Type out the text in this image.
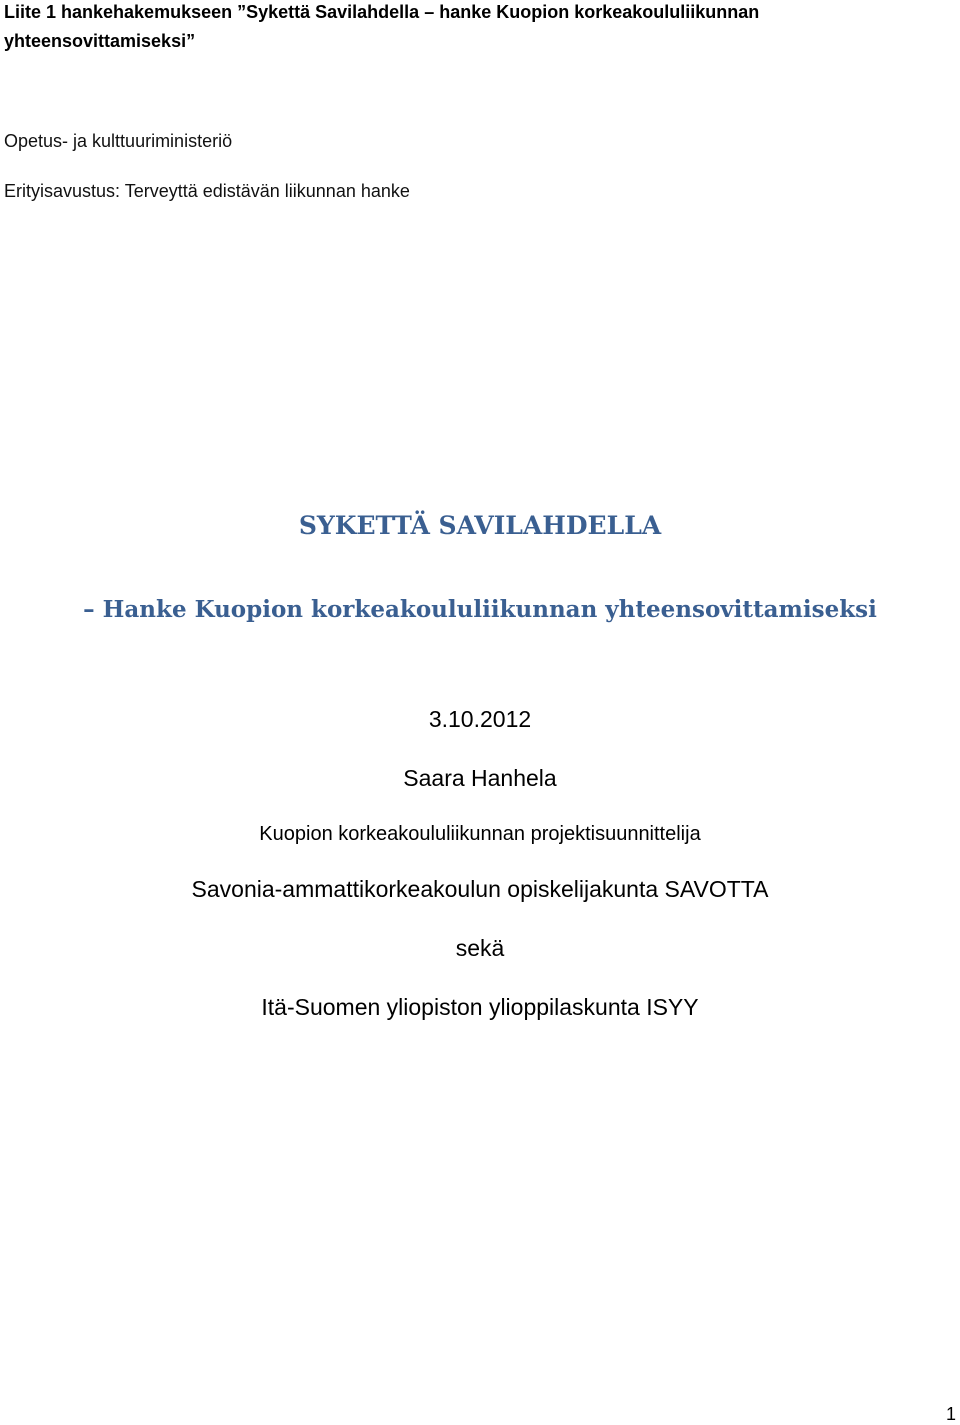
Liite 1 hankehakemukseen ”Sykettä Savilahdella – hanke Kuopion korkeakoululiikunnan
yhteensovittamiseksi”
Opetus- ja kulttuuriministeriö
Erityisavustus: Terveyttä edistävän liikunnan hanke
SYKETTÄ SAVILAHDELLA
– Hanke Kuopion korkeakoululiikunnan yhteensovittamiseksi
3.10.2012
Saara Hanhela
Kuopion korkeakoululiikunnan projektisuunnittelija
Savonia-ammattikorkeakoulun opiskelijakunta SAVOTTA
sekä
Itä-Suomen yliopiston ylioppilaskunta ISYY
1
